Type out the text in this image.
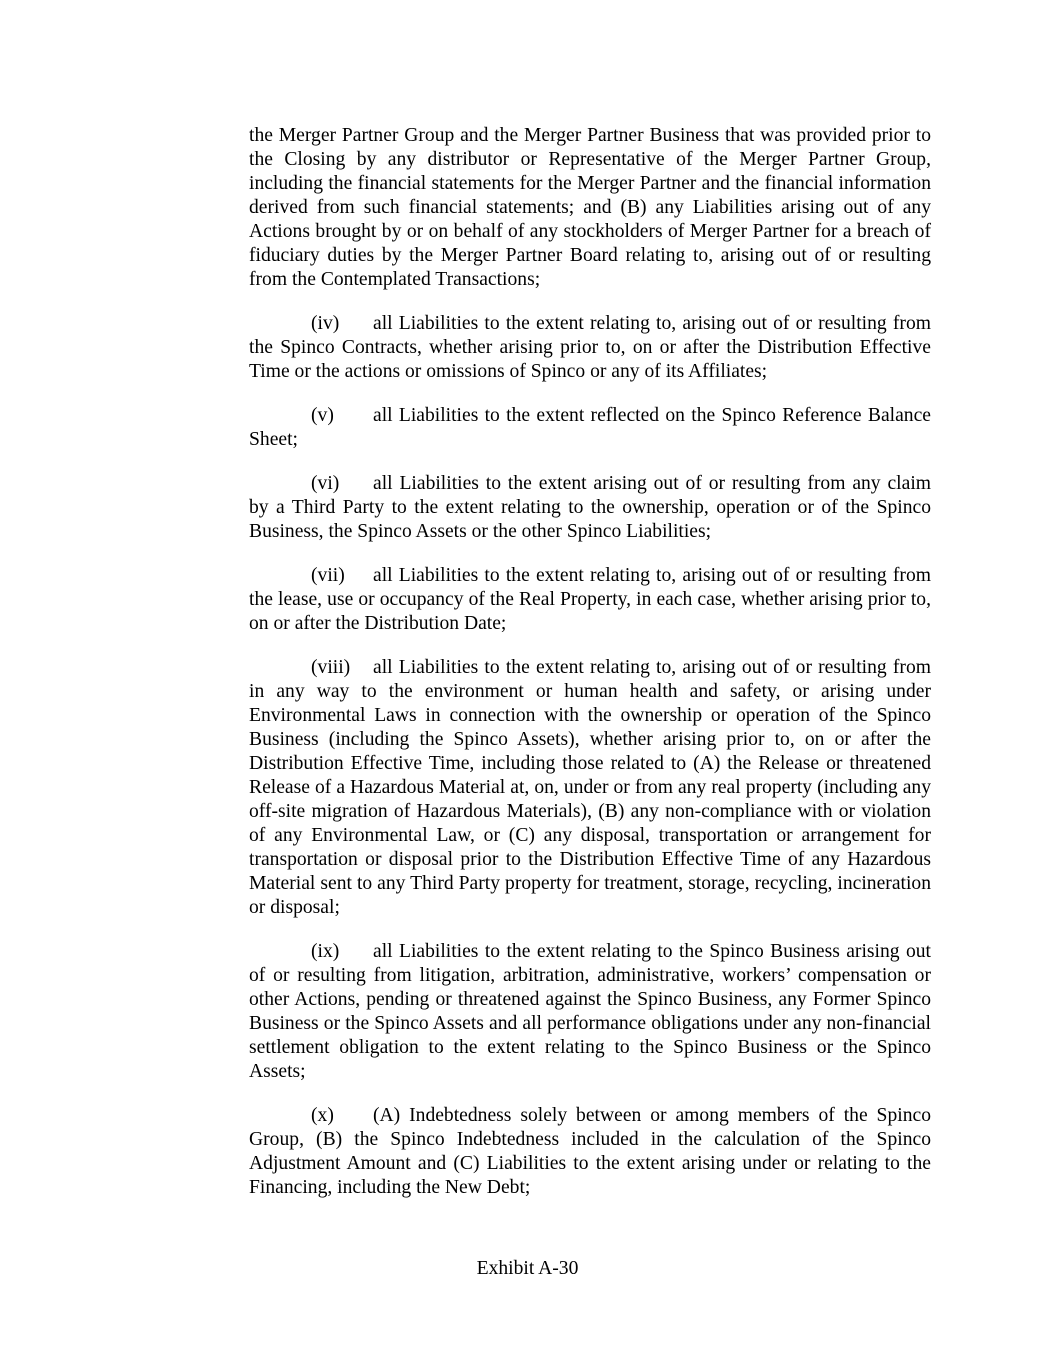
the Merger Partner Group and the Merger Partner Business that was provided prior to the Closing by any distributor or Representative of the Merger Partner Group, including the financial statements for the Merger Partner and the financial information derived from such financial statements; and (B) any Liabilities arising out of any Actions brought by or on behalf of any stockholders of Merger Partner for a breach of fiduciary duties by the Merger Partner Board relating to, arising out of or resulting from the Contemplated Transactions;

(iv) all Liabilities to the extent relating to, arising out of or resulting from the Spinco Contracts, whether arising prior to, on or after the Distribution Effective Time or the actions or omissions of Spinco or any of its Affiliates;

(v) all Liabilities to the extent reflected on the Spinco Reference Balance Sheet;

(vi) all Liabilities to the extent arising out of or resulting from any claim by a Third Party to the extent relating to the ownership, operation or of the Spinco Business, the Spinco Assets or the other Spinco Liabilities;

(vii) all Liabilities to the extent relating to, arising out of or resulting from the lease, use or occupancy of the Real Property, in each case, whether arising prior to, on or after the Distribution Date;

(viii) all Liabilities to the extent relating to, arising out of or resulting from in any way to the environment or human health and safety, or arising under Environmental Laws in connection with the ownership or operation of the Spinco Business (including the Spinco Assets), whether arising prior to, on or after the Distribution Effective Time, including those related to (A) the Release or threatened Release of a Hazardous Material at, on, under or from any real property (including any off-site migration of Hazardous Materials), (B) any non-compliance with or violation of any Environmental Law, or (C) any disposal, transportation or arrangement for transportation or disposal prior to the Distribution Effective Time of any Hazardous Material sent to any Third Party property for treatment, storage, recycling, incineration or disposal;

(ix) all Liabilities to the extent relating to the Spinco Business arising out of or resulting from litigation, arbitration, administrative, workers’ compensation or other Actions, pending or threatened against the Spinco Business, any Former Spinco Business or the Spinco Assets and all performance obligations under any non-financial settlement obligation to the extent relating to the Spinco Business or the Spinco Assets;

(x) (A) Indebtedness solely between or among members of the Spinco Group, (B) the Spinco Indebtedness included in the calculation of the Spinco Adjustment Amount and (C) Liabilities to the extent arising under or relating to the Financing, including the New Debt;

Exhibit A-30
